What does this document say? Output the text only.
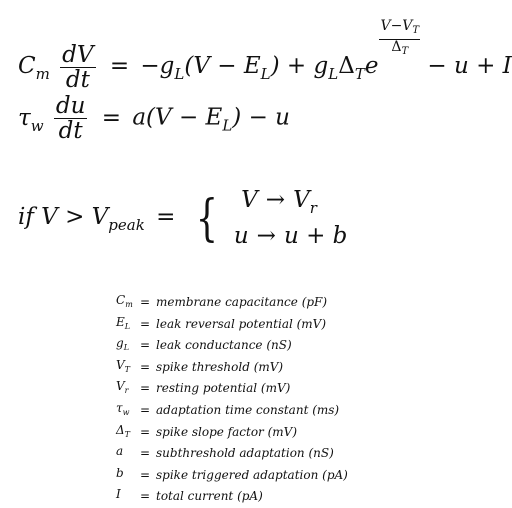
$C_m \frac{dV}{dt} = -g_L(V - E_L) + g_L\Delta_Te$
$\frac{V-V_T}{\Delta_T}$
− u + I
$\tau_w \frac{du}{dt} = a(V - E_L) - u$
if $V > V_{peak}$ = {	$V \to V_r$
u → u + b
$C_m$	=	membrane capacitance (pF)
$E_L$	=	leak reversal potential (mV)
$g_L$	=	leak conductance (nS)
$V_T$	=	spike threshold (mV)
$V_r$	=	resting potential (mV)
$\tau_w$	=	adaptation time constant (ms)
$\Delta_T$	=	spike slope factor (mV)
a	=	subthreshold adaptation (nS)
b	=	spike triggered adaptation (pA)
I	=	total current (pA)
